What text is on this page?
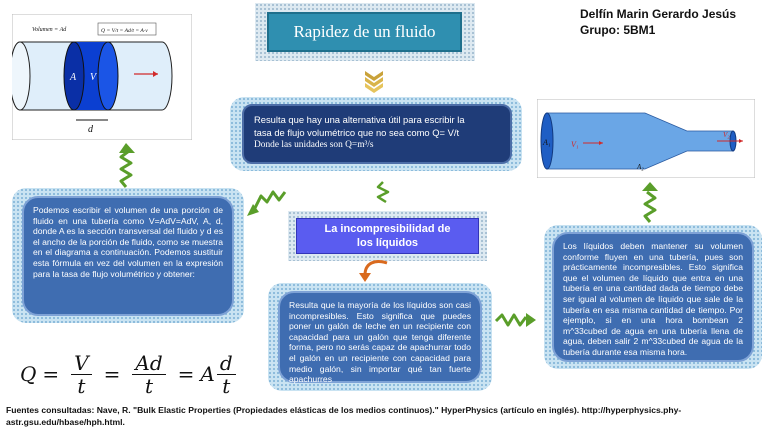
Rapidez de un fluido
Delfín Marin Gerardo Jesús
Grupo: 5BM1
Resulta que hay una alternativa útil para escribir la
tasa de flujo volumétrico que no sea como Q= V/t
Donde las unidades son Q=m³/s
A V
d
Volumen = Ad	Q = V/t = Ad/t = A·v
A₁	V₁
V₂
A₂
Podemos escribir el volumen de una porción de fluido en una tubería como V=AdV=AdV, A, d, donde A es la sección transversal del fluido y d es el ancho de la porción de fluido, como se muestra en el diagrama a continuación. Podemos sustituir esta fórmula en vez del volumen en la expresión para la tasa de flujo volumétrico y obtener:
La incompresibilidad de
los líquidos
Resulta que la mayoría de los líquidos son casi incompresibles. Esto significa que puedes poner un galón de leche en un recipiente con capacidad para un galón que tenga diferente forma, pero no serás capaz de apachurrar todo el galón en un recipiente con capacidad para medio galón, sin importar qué tan fuerte apachurres
Los líquidos deben mantener su volumen conforme fluyen en una tubería, pues son prácticamente incompresibles. Esto significa que el volumen de líquido que entra en una tubería en una cantidad dada de tiempo debe ser igual al volumen de líquido que sale de la tubería en esa misma cantidad de tiempo. Por ejemplo, si en una hora bombean 2 m^33cubed de agua en una tubería llena de agua, deben salir 2 m^33cubed de agua de la tubería durante esa misma hora.
$Q = \frac{V}{t} = \frac{Ad}{t} = A \frac{d}{t}$
Fuentes consultadas: Nave, R. "Bulk Elastic Properties (Propiedades elásticas de los medios continuos)." HyperPhysics (artículo en inglés). http://hyperphysics.phy-
astr.gsu.edu/hbase/hph.html.
